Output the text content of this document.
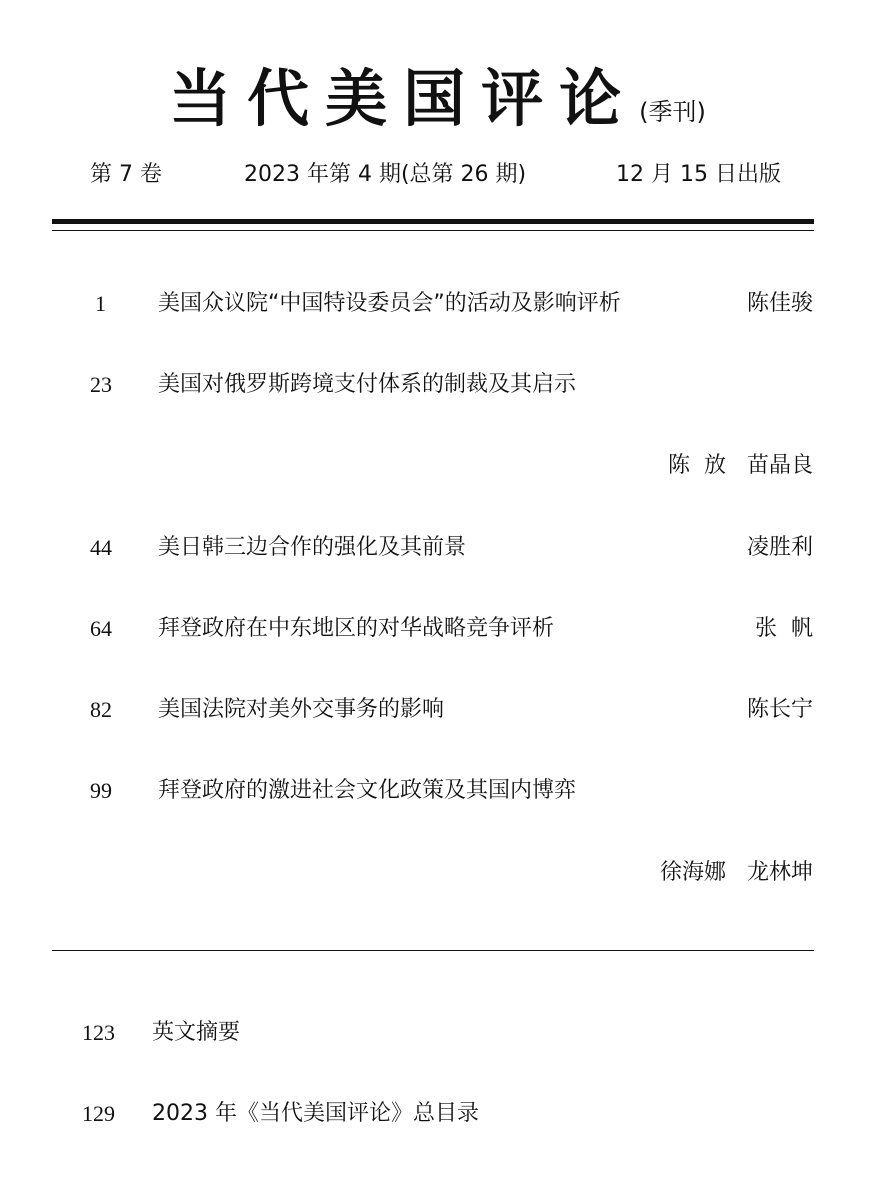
当代美国评论(季刊)
第 7 卷	2023 年第 4 期(总第 26 期)	12 月 15 日出版
1 美国众议院“中国特设委员会”的活动及影响评析	陈佳骏
23 美国对俄罗斯跨境支付体系的制裁及其启示
陈  放   苗晶良
44 美日韩三边合作的强化及其前景	凌胜利
64 拜登政府在中东地区的对华战略竞争评析	张  帆
82 美国法院对美外交事务的影响	陈长宁
99 拜登政府的激进社会文化政策及其国内博弈
徐海娜   龙林坤
123 英文摘要
129 2023 年《当代美国评论》总目录
